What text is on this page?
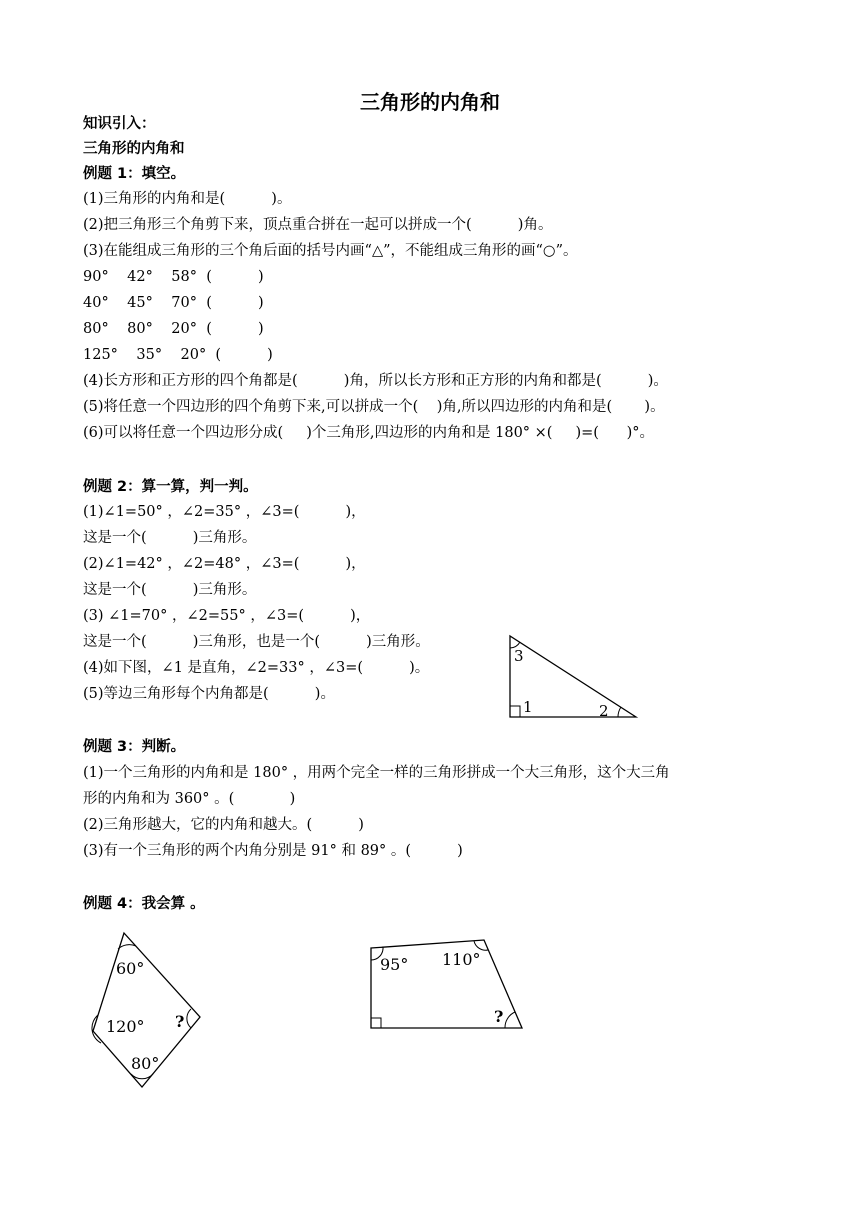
三角形的内角和
知识引入：
三角形的内角和
例题 1：填空。
(1)三角形的内角和是(          )。
(2)把三角形三个角剪下来，顶点重合拼在一起可以拼成一个(          )角。
(3)在能组成三角形的三个角后面的括号内画“△”，不能组成三角形的画“○”。
90°    42°    58°  (          )
40°    45°    70°  (          )
80°    80°    20°  (          )
125°    35°    20°  (          )
(4)长方形和正方形的四个角都是(          )角，所以长方形和正方形的内角和都是(          )。
(5)将任意一个四边形的四个角剪下来,可以拼成一个(    )角,所以四边形的内角和是(       )。
(6)可以将任意一个四边形分成(     )个三角形,四边形的内角和是 180° ×(     )=(      )°。
例题 2：算一算，判一判。
(1)∠1=50° ，∠2=35° ，∠3=(          )，
这是一个(          )三角形。
(2)∠1=42° ，∠2=48° ，∠3=(          )，
这是一个(          )三角形。
(3) ∠1=70° ，∠2=55° ，∠3=(          )，
这是一个(          )三角形，也是一个(          )三角形。
(4)如下图，∠1 是直角，∠2=33° ，∠3=(          )。
(5)等边三角形每个内角都是(          )。
3
1	2
例题 3：判断。
(1)一个三角形的内角和是 180° ，用两个完全一样的三角形拼成一个大三角形，这个大三角
形的内角和为 360° 。(            )
(2)三角形越大，它的内角和越大。(          )
(3)有一个三角形的两个内角分别是 91° 和 89° 。(          )
例题 4：我会算 。
60°
120° ?
80°
95° 110°
?
